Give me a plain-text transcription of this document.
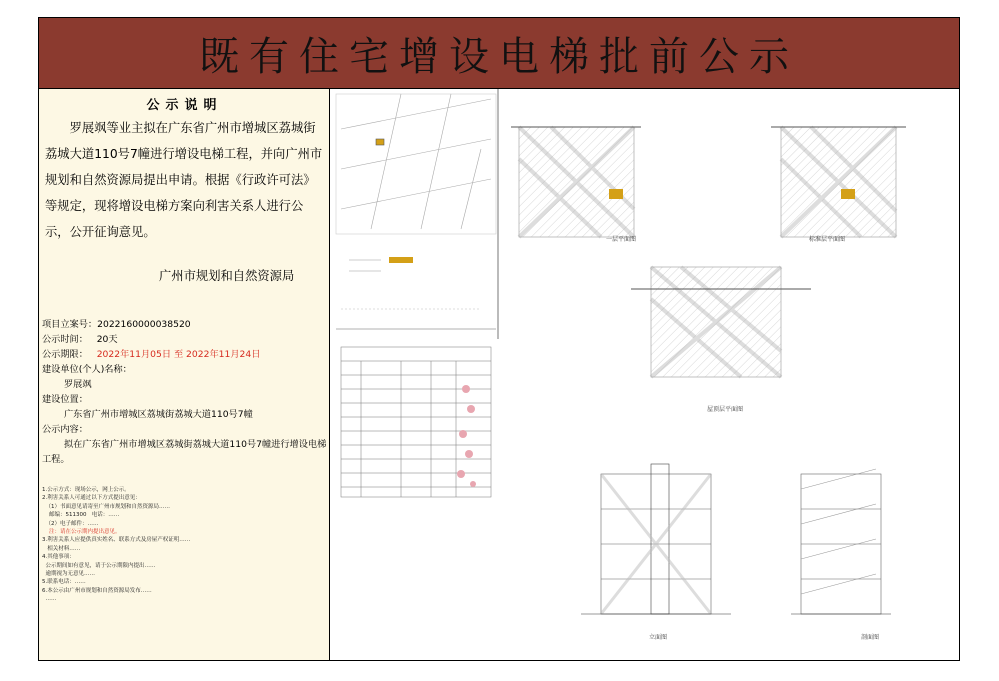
既有住宅增设电梯批前公示
公示说明
罗展飒等业主拟在广东省广州市增城区荔城街荔城大道110号7幢进行增设电梯工程，并向广州市规划和自然资源局提出申请。根据《行政许可法》等规定，现将增设电梯方案向利害关系人进行公示，公开征询意见。
广州市规划和自然资源局
项目立案号：2022160000038520
公示时间： 20天
公示期限： 2022年11月05日 至 2022年11月24日
建设单位(个人)名称：
罗展飒
建设位置：
广东省广州市增城区荔城街荔城大道110号7幢
公示内容：
拟在广东省广州市增城区荔城街荔城大道110号7幢进行增设电梯工程。
1.公示方式：现场公示，网上公示。
2.利害关系人可通过以下方式提出意见：
（1）书面意见请寄至广州市规划和自然资源局……
邮编：511300   电话：……
（2）电子邮件：……
注：请在公示期内提出意见。
3.利害关系人应提供真实姓名、联系方式及房屋产权证明……
相关材料……
4.其他事项：
公示期间如有意见，请于公示期限内提出……
逾期视为无意见……
5.联系电话：……
6.本公示由广州市规划和自然资源局发布……
……
一层平面图	标准层平面图
屋顶层平面图
立面图	剖面图
